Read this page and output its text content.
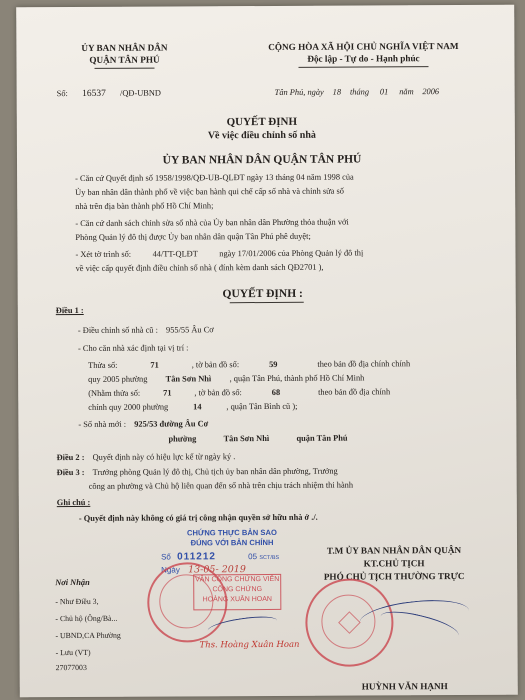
ỦY BAN NHÂN DÂN
QUẬN TÂN PHÚ
CỘNG HÒA XÃ HỘI CHỦ NGHĨA VIỆT NAM
Độc lập - Tự do - Hạnh phúc
Số: 16537 /QĐ-UBND	Tân Phú, ngày 18 tháng 01 năm 2006
QUYẾT ĐỊNH
Về việc điều chỉnh số nhà
ỦY BAN NHÂN DÂN QUẬN TÂN PHÚ
- Căn cứ Quyết định số 1958/1998/QĐ-UB-QLĐT ngày 13 tháng 04 năm 1998 của
Ủy ban nhân dân thành phố về việc ban hành qui chế cấp số nhà và chỉnh sửa số
nhà trên địa bàn thành phố Hồ Chí Minh;
- Căn cứ danh sách chỉnh sửa số nhà của Ủy ban nhân dân Phường thỏa thuận với
Phòng Quản lý đô thị được Ủy ban nhân dân quận Tân Phú phê duyệt;
- Xét tờ trình số:	44/TT-QLĐT	ngày 17/01/2006 của Phòng Quản lý đô thị
về việc cấp quyết định điều chỉnh số nhà ( đính kèm danh sách QĐ2701 ),
QUYẾT ĐỊNH :
Điều 1 :
- Điều chỉnh số nhà cũ : 955/55 Âu Cơ
- Cho căn nhà xác định tại vị trí :
Thửa số:	71	, tờ bản đồ số:	59	theo bản đồ địa chính chính
quy 2005 phường Tân Sơn Nhì , quận Tân Phú, thành phố Hồ Chí Minh
(Nhằm thửa số:	71	, tờ bản đồ số:	68	theo bản đồ địa chính
chính quy 2000 phường	14	, quận Tân Bình cũ );
- Số nhà mới : 925/53 đường Âu Cơ
phường	Tân Sơn Nhì	quận Tân Phú
Điều 2 : Quyết định này có hiệu lực kể từ ngày ký .
Điều 3 : Trưởng phòng Quản lý đô thị, Chủ tịch ủy ban nhân dân phường, Trưởng
công an phường và Chủ hộ liên quan đến số nhà trên chịu trách nhiệm thi hành
Ghi chú :
- Quyết định này không có giá trị công nhận quyền sở hữu nhà ở ./.
CHỨNG THỰC BẢN SAO
ĐÚNG VỚI BẢN CHÍNH
Số 011212	05 SCT/BS
Ngày 13-05- 2019
VĂN CÔNG CHỨNG VIÊN
CÔNG CHỨNG
HOÀNG XUÂN HOAN
Ths. Hoàng Xuân Hoan
T.M ỦY BAN NHÂN DÂN QUẬN
KT.CHỦ TỊCH
PHÓ CHỦ TỊCH THƯỜNG TRỰC
HUỲNH VĂN HẠNH
Nơi Nhận
- Như Điều 3,
- Chủ hộ (Ông/Bà...
- UBND,CA Phường
- Lưu (VT)
27077003
